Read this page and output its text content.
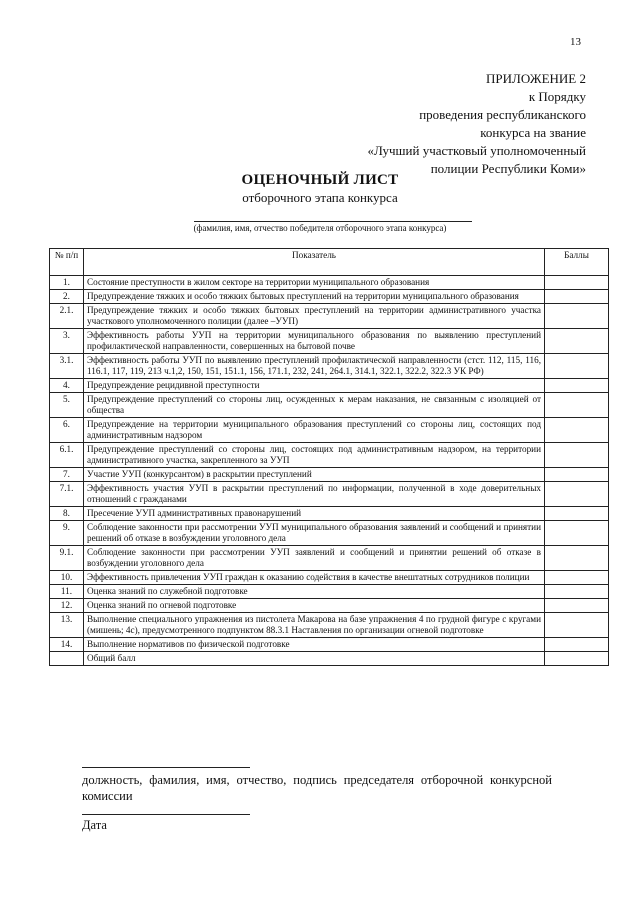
13
ПРИЛОЖЕНИЕ 2
к Порядку
проведения республиканского
конкурса на звание
«Лучший участковый уполномоченный
полиции Республики Коми»
ОЦЕНОЧНЫЙ ЛИСТ
отборочного этапа конкурса
(фамилия, имя, отчество победителя отборочного этапа конкурса)
№ п/п	Показатель	Баллы
1.	Состояние преступности в жилом секторе на территории муниципального образования	
2.	Предупреждение тяжких и особо тяжких бытовых преступлений на территории муниципального образования	
2.1.	Предупреждение тяжких и особо тяжких бытовых преступлений на территории административного участка участкового уполномоченного полиции (далее –УУП)	
3.	Эффективность работы УУП на территории муниципального образования по выявлению преступлений профилактической направленности, совершенных на бытовой почве	
3.1.	Эффективность работы УУП по выявлению преступлений профилактической направленности (стст. 112, 115, 116, 116.1, 117, 119, 213 ч.1,2, 150, 151, 151.1, 156, 171.1, 232, 241, 264.1, 314.1, 322.1, 322.2, 322.3 УК РФ)	
4.	Предупреждение рецидивной преступности	
5.	Предупреждение преступлений со стороны лиц, осужденных к мерам наказания, не связанным с изоляцией от общества	
6.	Предупреждение на территории муниципального образования преступлений со стороны лиц, состоящих под административным надзором	
6.1.	Предупреждение преступлений со стороны лиц, состоящих под административным надзором, на территории административного участка, закрепленного за УУП	
7.	Участие УУП (конкурсантом) в раскрытии преступлений	
7.1.	Эффективность участия УУП в раскрытии преступлений по информации, полученной в ходе доверительных отношений с гражданами	
8.	Пресечение УУП административных правонарушений	
9.	Соблюдение законности при рассмотрении УУП муниципального образования заявлений и сообщений и принятии решений об отказе в возбуждении уголовного дела	
9.1.	Соблюдение законности при рассмотрении УУП заявлений и сообщений и принятии решений об отказе в возбуждении уголовного дела	
10.	Эффективность привлечения УУП граждан к оказанию содействия в качестве внештатных сотрудников полиции	
11.	Оценка знаний по служебной подготовке	
12.	Оценка знаний по огневой подготовке	
13.	Выполнение специального упражнения из пистолета Макарова на базе упражнения 4 по грудной фигуре с кругами (мишень; 4с), предусмотренного подпунктом 88.3.1 Наставления по организации огневой подготовке	
14.	Выполнение нормативов по физической подготовке	
	Общий балл	
должность, фамилия, имя, отчество, подпись председателя отборочной конкурсной комиссии
Дата
